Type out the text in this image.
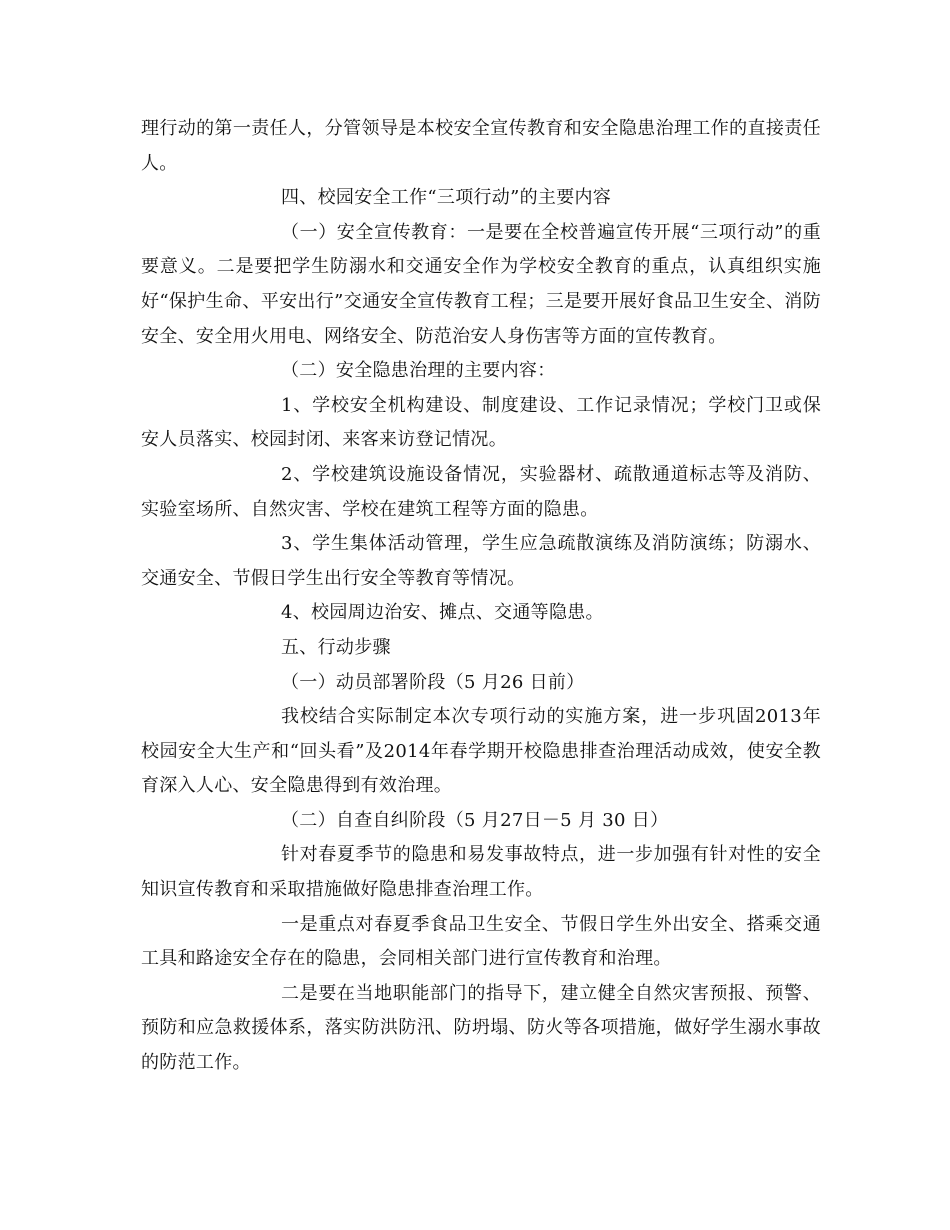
理行动的第一责任人，分管领导是本校安全宣传教育和安全隐患治理工作的直接责任人。

四、校园安全工作“三项行动”的主要内容

（一）安全宣传教育：一是要在全校普遍宣传开展“三项行动”的重要意义。二是要把学生防溺水和交通安全作为学校安全教育的重点，认真组织实施好“保护生命、平安出行”交通安全宣传教育工程；三是要开展好食品卫生安全、消防安全、安全用火用电、网络安全、防范治安人身伤害等方面的宣传教育。

（二）安全隐患治理的主要内容：

1、学校安全机构建设、制度建设、工作记录情况；学校门卫或保安人员落实、校园封闭、来客来访登记情况。

2、学校建筑设施设备情况，实验器材、疏散通道标志等及消防、实验室场所、自然灾害、学校在建筑工程等方面的隐患。

3、学生集体活动管理，学生应急疏散演练及消防演练；防溺水、交通安全、节假日学生出行安全等教育等情况。

4、校园周边治安、摊点、交通等隐患。

五、行动步骤

（一）动员部署阶段（5 月26 日前）

我校结合实际制定本次专项行动的实施方案，进一步巩固2013年校园安全大生产和“回头看”及2014年春学期开校隐患排查治理活动成效，使安全教育深入人心、安全隐患得到有效治理。

（二）自查自纠阶段（5 月27日－5 月 30 日）

针对春夏季节的隐患和易发事故特点，进一步加强有针对性的安全知识宣传教育和采取措施做好隐患排查治理工作。

一是重点对春夏季食品卫生安全、节假日学生外出安全、搭乘交通工具和路途安全存在的隐患，会同相关部门进行宣传教育和治理。

二是要在当地职能部门的指导下，建立健全自然灾害预报、预警、预防和应急救援体系，落实防洪防汛、防坍塌、防火等各项措施，做好学生溺水事故的防范工作。
